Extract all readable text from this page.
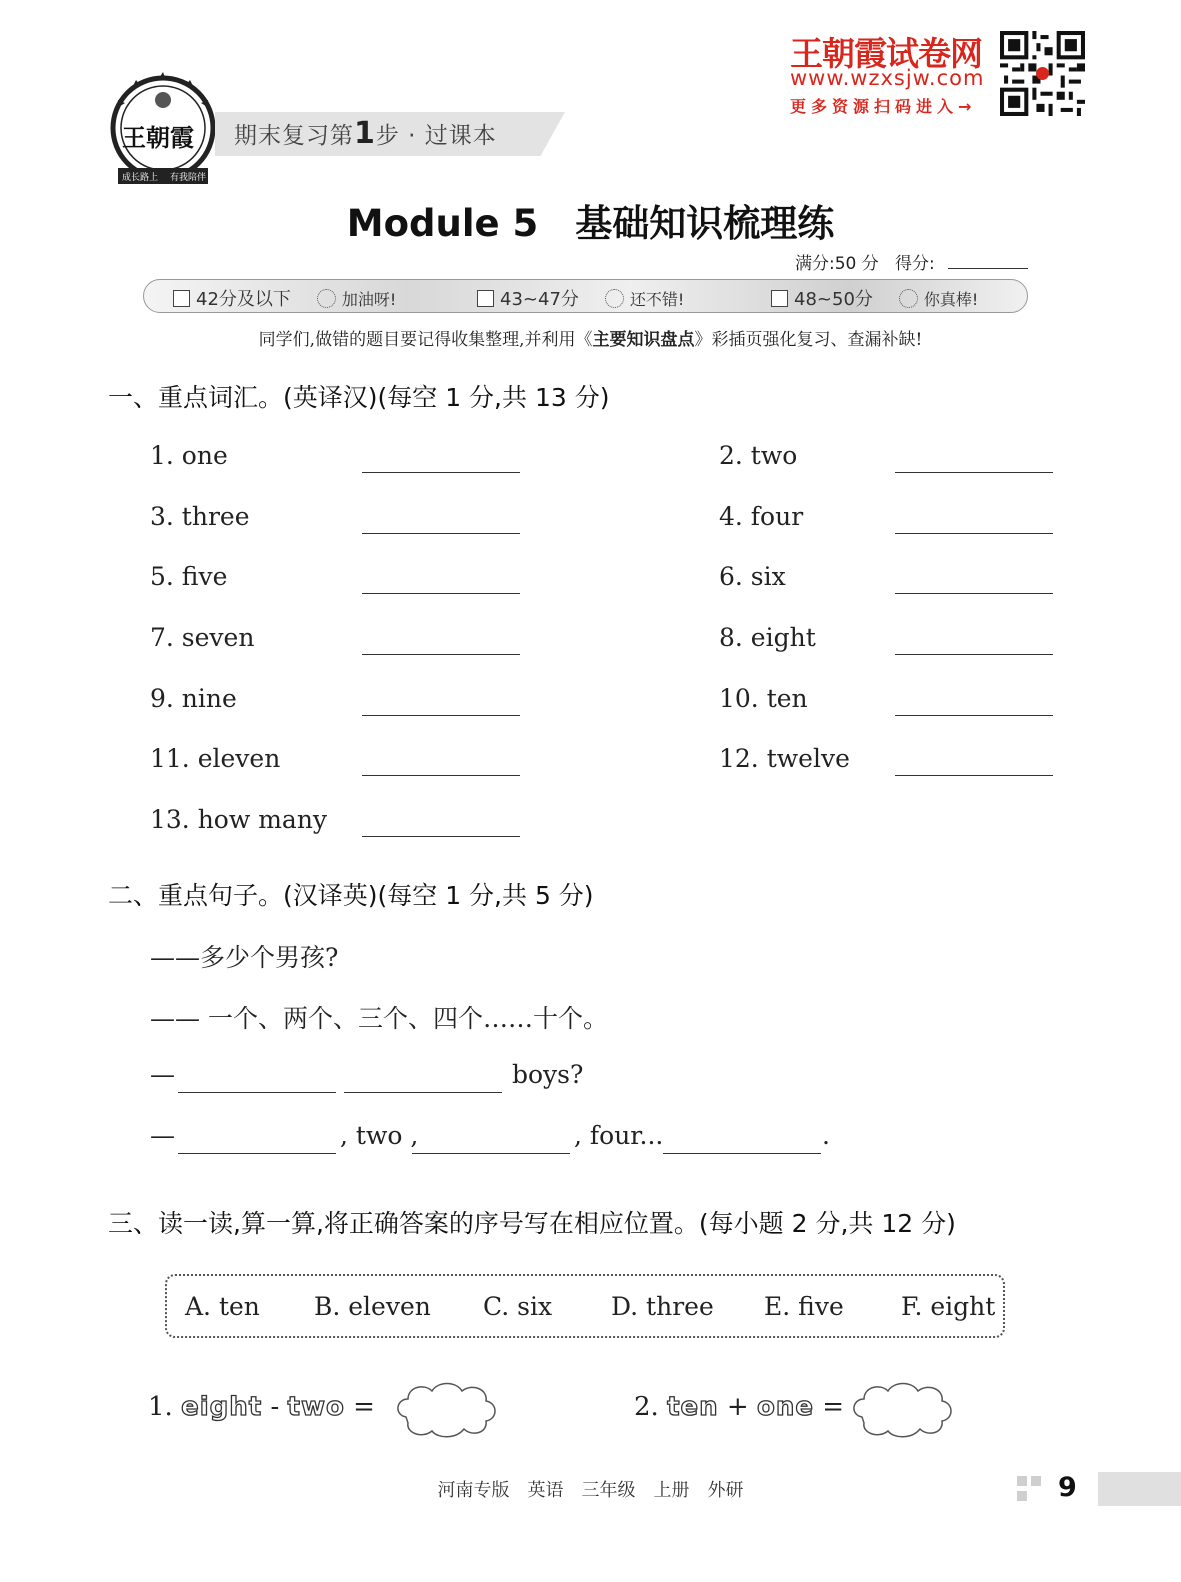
王朝霞
成长路上 有我陪伴
期末复习第1步 · 过课本
王朝霞试卷网
www.wzxsjw.com
更多资源扫码进入→
Module 5　基础知识梳理练
满分:50 分 得分:
42分及以下	加油呀!	43~47分	还不错!	48~50分	你真棒!
同学们,做错的题目要记得收集整理,并利用《主要知识盘点》彩插页强化复习、查漏补缺!
一、重点词汇。(英译汉)(每空 1 分,共 13 分)
1. one	2. two
3. three	4. four
5. five	6. six
7. seven	8. eight
9. nine	10. ten
11. eleven	12. twelve
13. how many
二、重点句子。(汉译英)(每空 1 分,共 5 分)
——多少个男孩?
—— 一个、两个、三个、四个……十个。
—	boys?
—	, two ,	, four...	.
三、读一读,算一算,将正确答案的序号写在相应位置。(每小题 2 分,共 12 分)
A. ten B. eleven C. six D. three E. five F. eight
1. eight - two =	2. ten + one =
河南专版 英语 三年级 上册 外研	9
